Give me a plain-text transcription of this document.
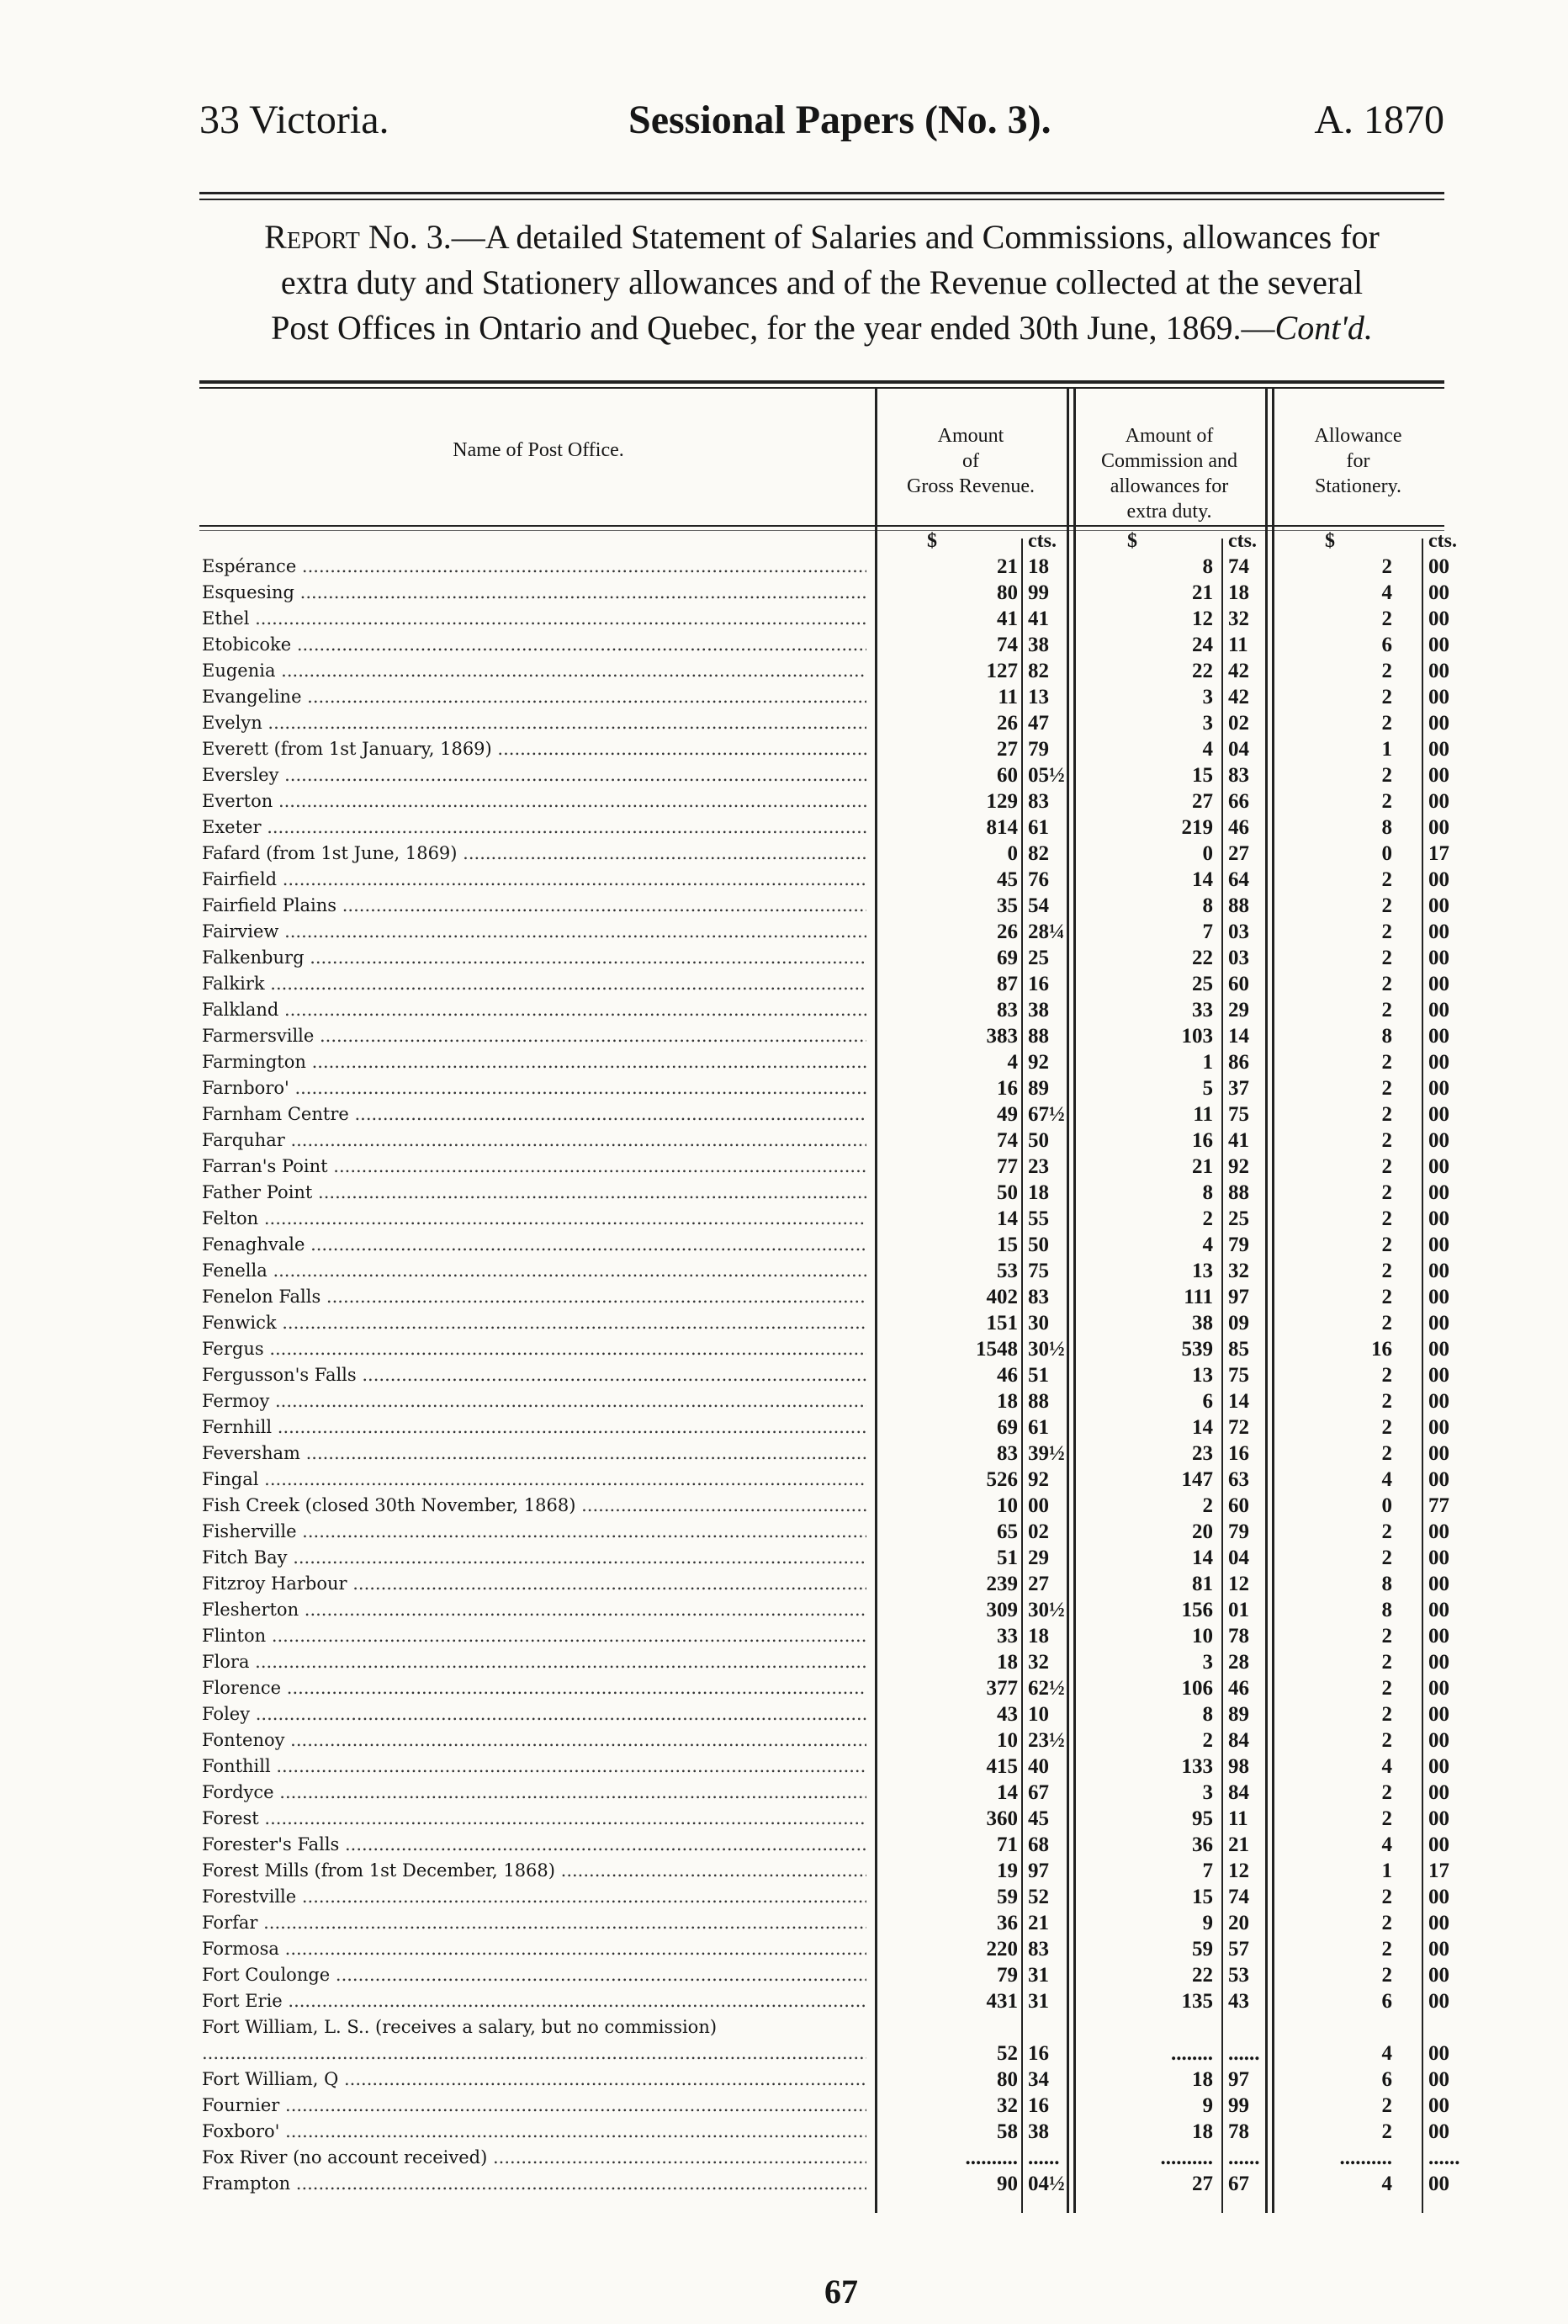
33 Victoria.	Sessional Papers (No. 3).	A. 1870
Report No. 3.—A detailed Statement of Salaries and Commissions, allowances for
extra duty and Stationery allowances and of the Revenue collected at the several
Post Offices in Ontario and Quebec, for the year ended 30th June, 1869.—Cont'd.
Name of Post Office.
Amount
of
Gross Revenue.
Amount of
Commission and
allowances for
extra duty.
Allowance
for
Stationery.
$	cts.	$	cts.	$	cts.
Espérance .....	21 18	8 74	2 00
Esquesing .....	80 99	21 18	4 00
Ethel .....	41 41	12 32	2 00
Etobicoke .....	74 38	24 11	6 00
Eugenia .....	127 82	22 42	2 00
Evangeline .....	11 13	3 42	2 00
Evelyn .....	26 47	3 02	2 00
Everett (from 1st January, 1869) .....	27 79	4 04	1 00
Eversley .....	60 05½	15 83	2 00
Everton .....	129 83	27 66	2 00
Exeter .....	814 61	219 46	8 00
Fafard (from 1st June, 1869) .....	0 82	0 27	0 17
Fairfield .....	45 76	14 64	2 00
Fairfield Plains .....	35 54	8 88	2 00
Fairview .....	26 28¼	7 03	2 00
Falkenburg .....	69 25	22 03	2 00
Falkirk .....	87 16	25 60	2 00
Falkland .....	83 38	33 29	2 00
Farmersville .....	383 88	103 14	8 00
Farmington .....	4 92	1 86	2 00
Farnboro' .....	16 89	5 37	2 00
Farnham Centre .....	49 67½	11 75	2 00
Farquhar .....	74 50	16 41	2 00
Farran's Point .....	77 23	21 92	2 00
Father Point .....	50 18	8 88	2 00
Felton .....	14 55	2 25	2 00
Fenaghvale .....	15 50	4 79	2 00
Fenella .....	53 75	13 32	2 00
Fenelon Falls .....	402 83	111 97	2 00
Fenwick .....	151 30	38 09	2 00
Fergus .....	1548 30½	539 85	16 00
Fergusson's Falls .....	46 51	13 75	2 00
Fermoy .....	18 88	6 14	2 00
Fernhill .....	69 61	14 72	2 00
Feversham .....	83 39½	23 16	2 00
Fingal .....	526 92	147 63	4 00
Fish Creek (closed 30th November, 1868) .....	10 00	2 60	0 77
Fisherville .....	65 02	20 79	2 00
Fitch Bay .....	51 29	14 04	2 00
Fitzroy Harbour .....	239 27	81 12	8 00
Flesherton .....	309 30½	156 01	8 00
Flinton .....	33 18	10 78	2 00
Flora .....	18 32	3 28	2 00
Florence .....	377 62½	106 46	2 00
Foley .....	43 10	8 89	2 00
Fontenoy .....	10 23½	2 84	2 00
Fonthill .....	415 40	133 98	4 00
Fordyce .....	14 67	3 84	2 00
Forest .....	360 45	95 11	2 00
Forester's Falls .....	71 68	36 21	4 00
Forest Mills (from 1st December, 1868) .....	19 97	7 12	1 17
Forestville .....	59 52	15 74	2 00
Forfar .....	36 21	9 20	2 00
Formosa .....	220 83	59 57	2 00
Fort Coulonge .....	79 31	22 53	2 00
Fort Erie .....	431 31	135 43	6 00
Fort William, L. S.. (receives a salary, but no commission) .....
52 16	........ ......	4 00
Fort William, Q .....	80 34	18 97	6 00
Fournier .....	32 16	9 99	2 00
Foxboro' .....	58 38	18 78	2 00
Fox River (no account received) .....	.......... ......	.......... ......	.......... ......
Frampton .....	90 04½	27 67	4 00
67
